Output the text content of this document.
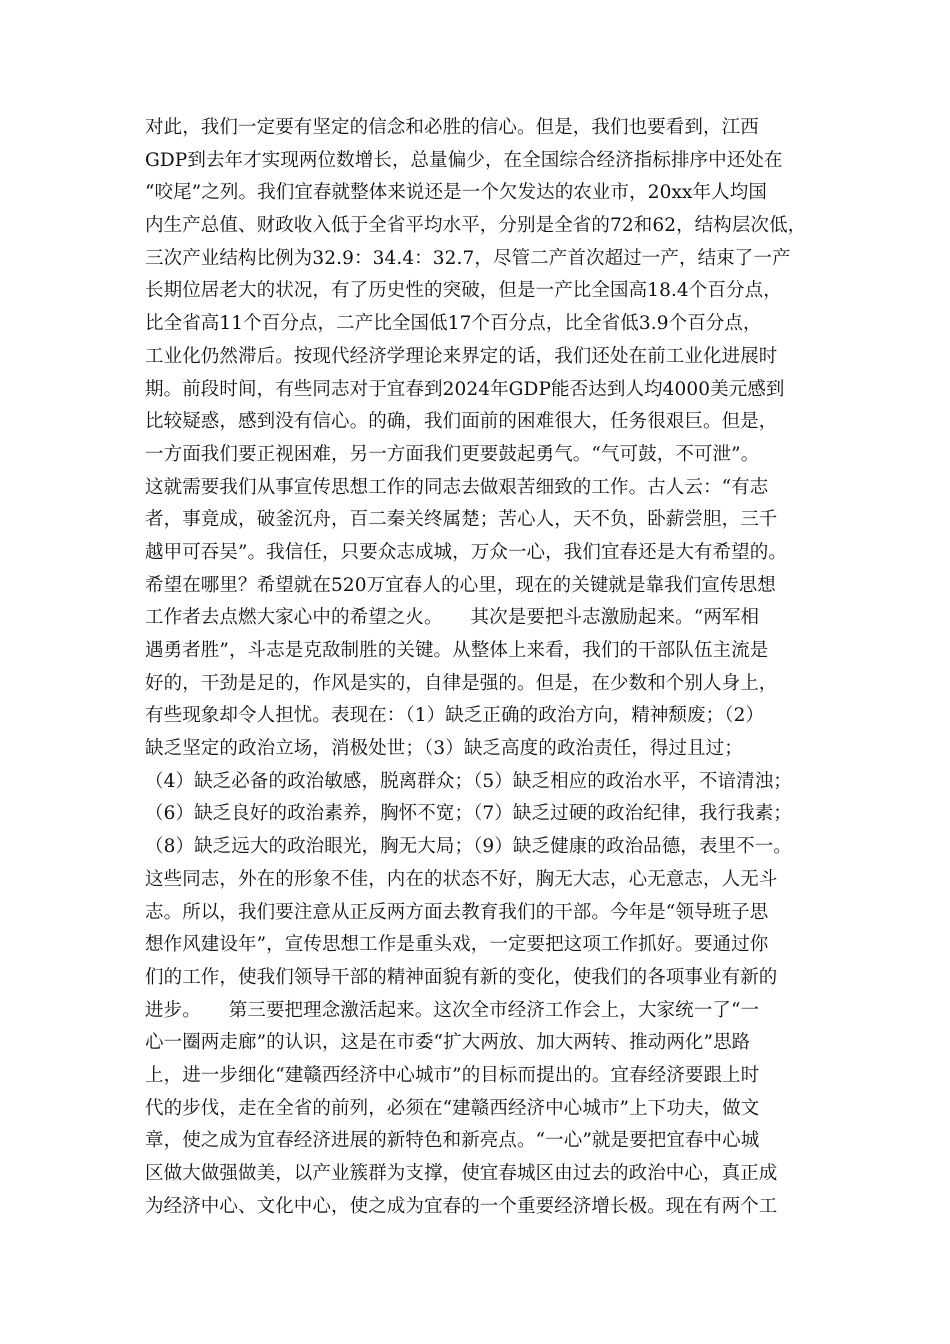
对此，我们一定要有坚定的信念和必胜的信心。但是，我们也要看到，江西
GDP到去年才实现两位数增长，总量偏少，在全国综合经济指标排序中还处在
“咬尾”之列。我们宜春就整体来说还是一个欠发达的农业市，20xx年人均国
内生产总值、财政收入低于全省平均水平，分别是全省的72和62，结构层次低，
三次产业结构比例为32.9：34.4：32.7，尽管二产首次超过一产，结束了一产
长期位居老大的状况，有了历史性的突破，但是一产比全国高18.4个百分点，
比全省高11个百分点，二产比全国低17个百分点，比全省低3.9个百分点，
工业化仍然滞后。按现代经济学理论来界定的话，我们还处在前工业化进展时
期。前段时间，有些同志对于宜春到2024年GDP能否达到人均4000美元感到
比较疑惑，感到没有信心。的确，我们面前的困难很大，任务很艰巨。但是，
一方面我们要正视困难，另一方面我们更要鼓起勇气。“气可鼓，不可泄”。
这就需要我们从事宣传思想工作的同志去做艰苦细致的工作。古人云：“有志
者，事竟成，破釜沉舟，百二秦关终属楚；苦心人，天不负，卧薪尝胆，三千
越甲可吞吴”。我信任，只要众志成城，万众一心，我们宜春还是大有希望的。
希望在哪里？希望就在520万宜春人的心里，现在的关键就是靠我们宣传思想
工作者去点燃大家心中的希望之火。　　其次是要把斗志激励起来。“两军相
遇勇者胜”，斗志是克敌制胜的关键。从整体上来看，我们的干部队伍主流是
好的，干劲是足的，作风是实的，自律是强的。但是，在少数和个别人身上，
有些现象却令人担忧。表现在：（1）缺乏正确的政治方向，精神颓废；（2）
缺乏坚定的政治立场，消极处世；（3）缺乏高度的政治责任，得过且过；
（4）缺乏必备的政治敏感，脱离群众；（5）缺乏相应的政治水平，不谙清浊；
（6）缺乏良好的政治素养，胸怀不宽；（7）缺乏过硬的政治纪律，我行我素；
（8）缺乏远大的政治眼光，胸无大局；（9）缺乏健康的政治品德，表里不一。
这些同志，外在的形象不佳，内在的状态不好，胸无大志，心无意志，人无斗
志。所以，我们要注意从正反两方面去教育我们的干部。今年是“领导班子思
想作风建设年”，宣传思想工作是重头戏，一定要把这项工作抓好。要通过你
们的工作，使我们领导干部的精神面貌有新的变化，使我们的各项事业有新的
进步。　　第三要把理念激活起来。这次全市经济工作会上，大家统一了“一
心一圈两走廊”的认识，这是在市委“扩大两放、加大两转、推动两化”思路
上，进一步细化“建赣西经济中心城市”的目标而提出的。宜春经济要跟上时
代的步伐，走在全省的前列，必须在“建赣西经济中心城市”上下功夫，做文
章，使之成为宜春经济进展的新特色和新亮点。“一心”就是要把宜春中心城
区做大做强做美，以产业簇群为支撑，使宜春城区由过去的政治中心，真正成
为经济中心、文化中心，使之成为宜春的一个重要经济增长极。现在有两个工
